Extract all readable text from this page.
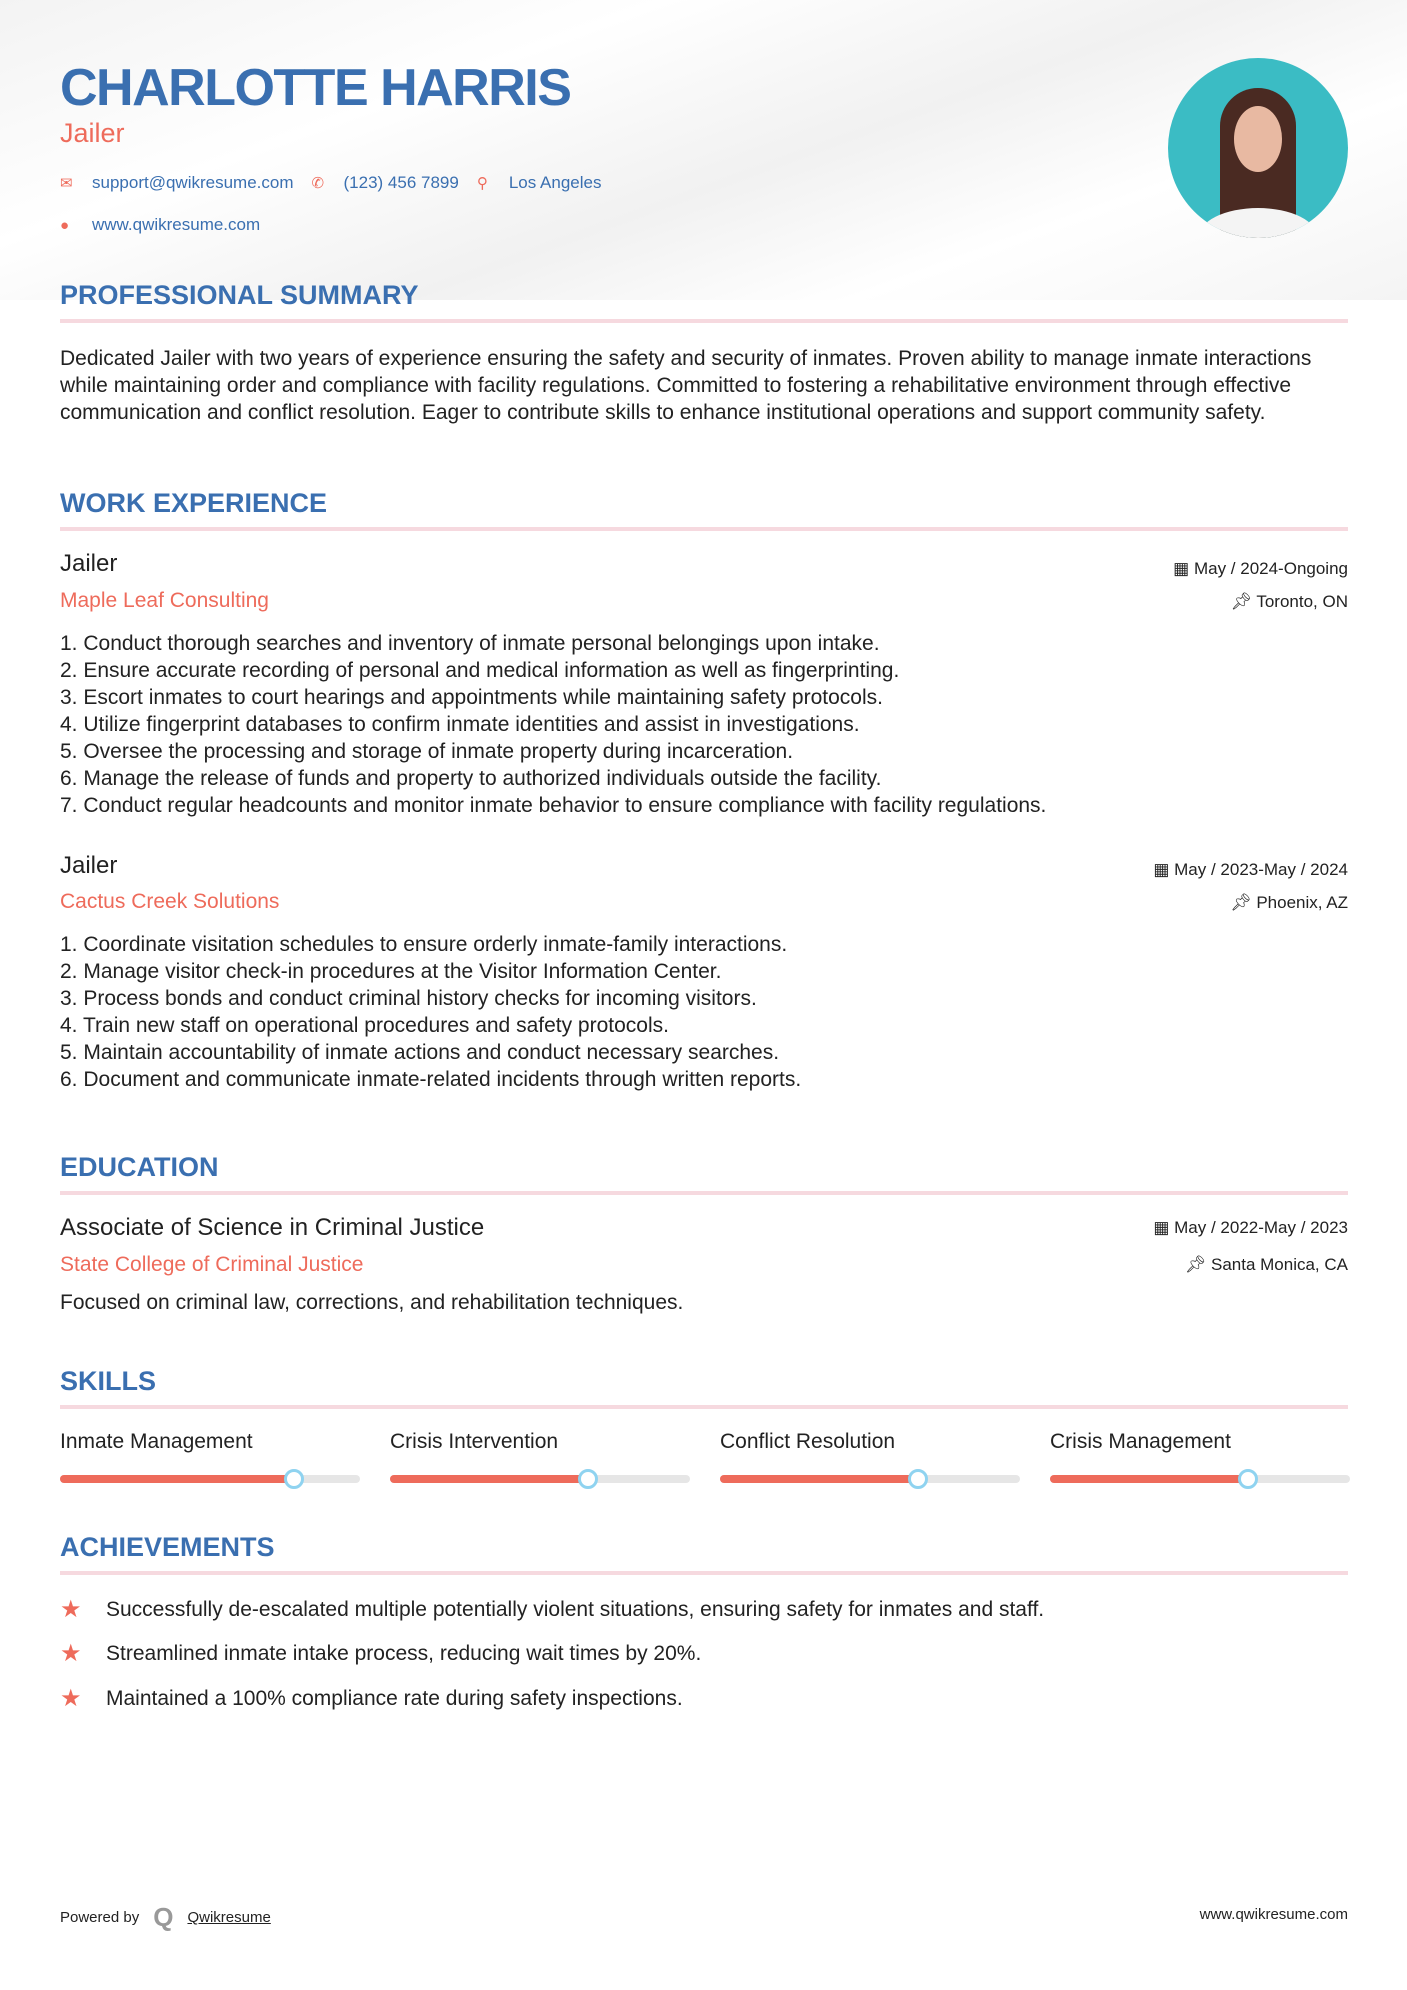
CHARLOTTE HARRIS
Jailer
✉	support@qwikresume.com ✆	(123) 456 7899 ⚲	Los Angeles
●	www.qwikresume.com
PROFESSIONAL SUMMARY
Dedicated Jailer with two years of experience ensuring the safety and security of inmates. Proven ability to manage inmate interactions while maintaining order and compliance with facility regulations. Committed to fostering a rehabilitative environment through effective communication and conflict resolution. Eager to contribute skills to enhance institutional operations and support community safety.
WORK EXPERIENCE
Jailer
Maple Leaf Consulting
▦ May / 2024-Ongoing
📌︎ Toronto, ON
1. Conduct thorough searches and inventory of inmate personal belongings upon intake.
2. Ensure accurate recording of personal and medical information as well as fingerprinting.
3. Escort inmates to court hearings and appointments while maintaining safety protocols.
4. Utilize fingerprint databases to confirm inmate identities and assist in investigations.
5. Oversee the processing and storage of inmate property during incarceration.
6. Manage the release of funds and property to authorized individuals outside the facility.
7. Conduct regular headcounts and monitor inmate behavior to ensure compliance with facility regulations.
Jailer
Cactus Creek Solutions
▦ May / 2023-May / 2024
📌︎ Phoenix, AZ
1. Coordinate visitation schedules to ensure orderly inmate-family interactions.
2. Manage visitor check-in procedures at the Visitor Information Center.
3. Process bonds and conduct criminal history checks for incoming visitors.
4. Train new staff on operational procedures and safety protocols.
5. Maintain accountability of inmate actions and conduct necessary searches.
6. Document and communicate inmate-related incidents through written reports.
EDUCATION
Associate of Science in Criminal Justice
State College of Criminal Justice
▦ May / 2022-May / 2023
📌︎ Santa Monica, CA
Focused on criminal law, corrections, and rehabilitation techniques.
SKILLS
Inmate Management	Crisis Intervention	Conflict Resolution	Crisis Management
ACHIEVEMENTS
★	Successfully de-escalated multiple potentially violent situations, ensuring safety for inmates and staff.
★	Streamlined inmate intake process, reducing wait times by 20%.
★	Maintained a 100% compliance rate during safety inspections.
Powered by Q Qwikresume	www.qwikresume.com
